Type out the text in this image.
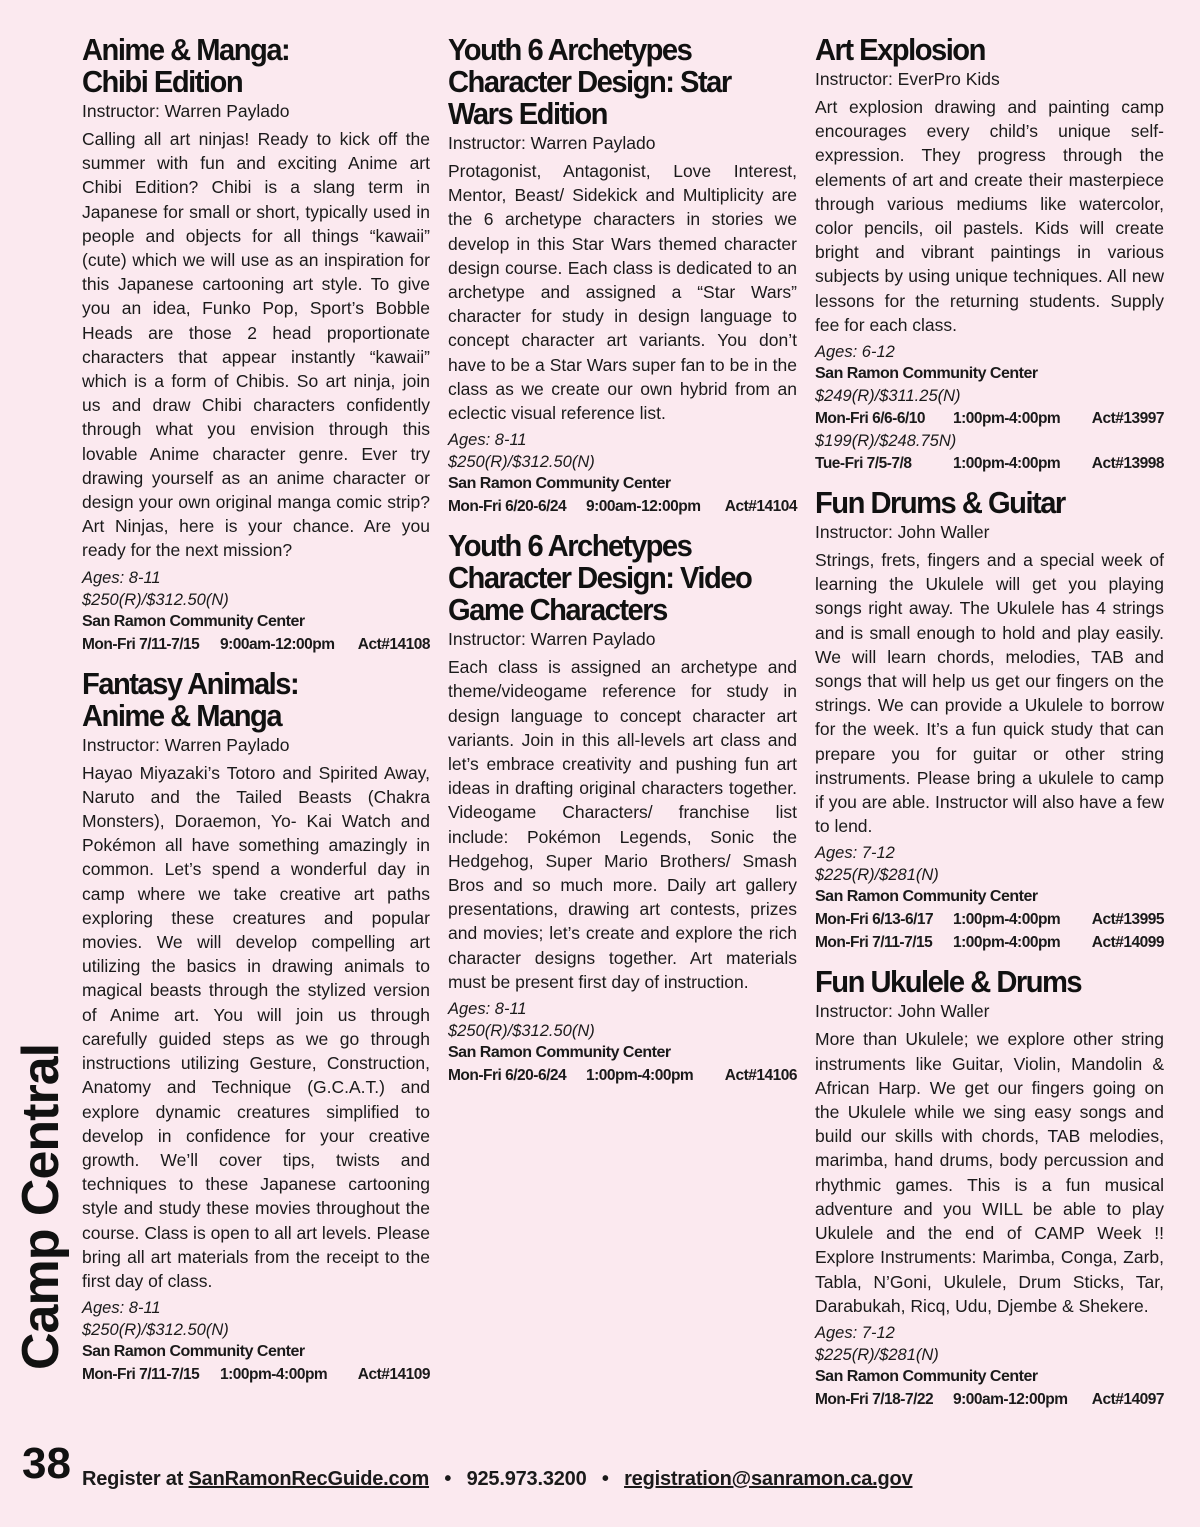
Camp Central
Anime & Manga:
Chibi Edition
Instructor: Warren Paylado
Calling all art ninjas! Ready to kick off the summer with fun and exciting Anime art Chibi Edition? Chibi is a slang term in Japanese for small or short, typically used in people and objects for all things “kawaii” (cute) which we will use as an inspiration for this Japanese cartooning art style. To give you an idea, Funko Pop, Sport’s Bobble Heads are those 2 head proportionate characters that appear instantly “kawaii” which is a form of Chibis. So art ninja, join us and draw Chibi characters confidently through what you envision through this lovable Anime character genre. Ever try drawing yourself as an anime character or design your own original manga comic strip? Art Ninjas, here is your chance. Are you ready for the next mission?
Ages: 8-11
$250(R)/$312.50(N)
San Ramon Community Center
Mon-Fri 7/11-7/15	9:00am-12:00pm	Act#14108
Fantasy Animals:
Anime & Manga
Instructor: Warren Paylado
Hayao Miyazaki’s Totoro and Spirited Away, Naruto and the Tailed Beasts (Chakra Monsters), Doraemon, Yo- Kai Watch and Pokémon all have something amazingly in common. Let’s spend a wonderful day in camp where we take creative art paths exploring these creatures and popular movies. We will develop compelling art utilizing the basics in drawing animals to magical beasts through the stylized version of Anime art. You will join us through carefully guided steps as we go through instructions utilizing Gesture, Construction, Anatomy and Technique (G.C.A.T.) and explore dynamic creatures simplified to develop in confidence for your creative growth. We’ll cover tips, twists and techniques to these Japanese cartooning style and study these movies throughout the course. Class is open to all art levels. Please bring all art materials from the receipt to the first day of class.
Ages: 8-11
$250(R)/$312.50(N)
San Ramon Community Center
Mon-Fri 7/11-7/15	1:00pm-4:00pm	Act#14109
Youth 6 Archetypes
Character Design: Star
Wars Edition
Instructor: Warren Paylado
Protagonist, Antagonist, Love Interest, Mentor, Beast/ Sidekick and Multiplicity are the 6 archetype characters in stories we develop in this Star Wars themed character design course. Each class is dedicated to an archetype and assigned a “Star Wars” character for study in design language to concept character art variants. You don’t have to be a Star Wars super fan to be in the class as we create our own hybrid from an eclectic visual reference list.
Ages: 8-11
$250(R)/$312.50(N)
San Ramon Community Center
Mon-Fri 6/20-6/24	9:00am-12:00pm	Act#14104
Youth 6 Archetypes
Character Design: Video
Game Characters
Instructor: Warren Paylado
Each class is assigned an archetype and theme/videogame reference for study in design language to concept character art variants. Join in this all-levels art class and let’s embrace creativity and pushing fun art ideas in drafting original characters together. Videogame Characters/ franchise list include: Pokémon Legends, Sonic the Hedgehog, Super Mario Brothers/ Smash Bros and so much more. Daily art gallery presentations, drawing art contests, prizes and movies; let’s create and explore the rich character designs together. Art materials must be present first day of instruction.
Ages: 8-11
$250(R)/$312.50(N)
San Ramon Community Center
Mon-Fri 6/20-6/24	1:00pm-4:00pm	Act#14106
Art Explosion
Instructor: EverPro Kids
Art explosion drawing and painting camp encourages every child’s unique self-expression. They progress through the elements of art and create their masterpiece through various mediums like watercolor, color pencils, oil pastels. Kids will create bright and vibrant paintings in various subjects by using unique techniques. All new lessons for the returning students. Supply fee for each class.
Ages: 6-12
San Ramon Community Center
$249(R)/$311.25(N)
Mon-Fri 6/6-6/10	1:00pm-4:00pm	Act#13997
$199(R)/$248.75N)
Tue-Fri 7/5-7/8	1:00pm-4:00pm	Act#13998
Fun Drums & Guitar
Instructor: John Waller
Strings, frets, fingers and a special week of learning the Ukulele will get you playing songs right away. The Ukulele has 4 strings and is small enough to hold and play easily. We will learn chords, melodies, TAB and songs that will help us get our fingers on the strings. We can provide a Ukulele to borrow for the week. It’s a fun quick study that can prepare you for guitar or other string instruments. Please bring a ukulele to camp if you are able. Instructor will also have a few to lend.
Ages: 7-12
$225(R)/$281(N)
San Ramon Community Center
Mon-Fri 6/13-6/17	1:00pm-4:00pm	Act#13995
Mon-Fri 7/11-7/15	1:00pm-4:00pm	Act#14099
Fun Ukulele & Drums
Instructor: John Waller
More than Ukulele; we explore other string instruments like Guitar, Violin, Mandolin & African Harp. We get our fingers going on the Ukulele while we sing easy songs and build our skills with chords, TAB melodies, marimba, hand drums, body percussion and rhythmic games. This is a fun musical adventure and you WILL be able to play Ukulele and the end of CAMP Week !! Explore Instruments: Marimba, Conga, Zarb, Tabla, N’Goni, Ukulele, Drum Sticks, Tar, Darabukah, Ricq, Udu, Djembe & Shekere.
Ages: 7-12
$225(R)/$281(N)
San Ramon Community Center
Mon-Fri 7/18-7/22	9:00am-12:00pm	Act#14097
38 Register at SanRamonRecGuide.com • 925.973.3200 • registration@sanramon.ca.gov
